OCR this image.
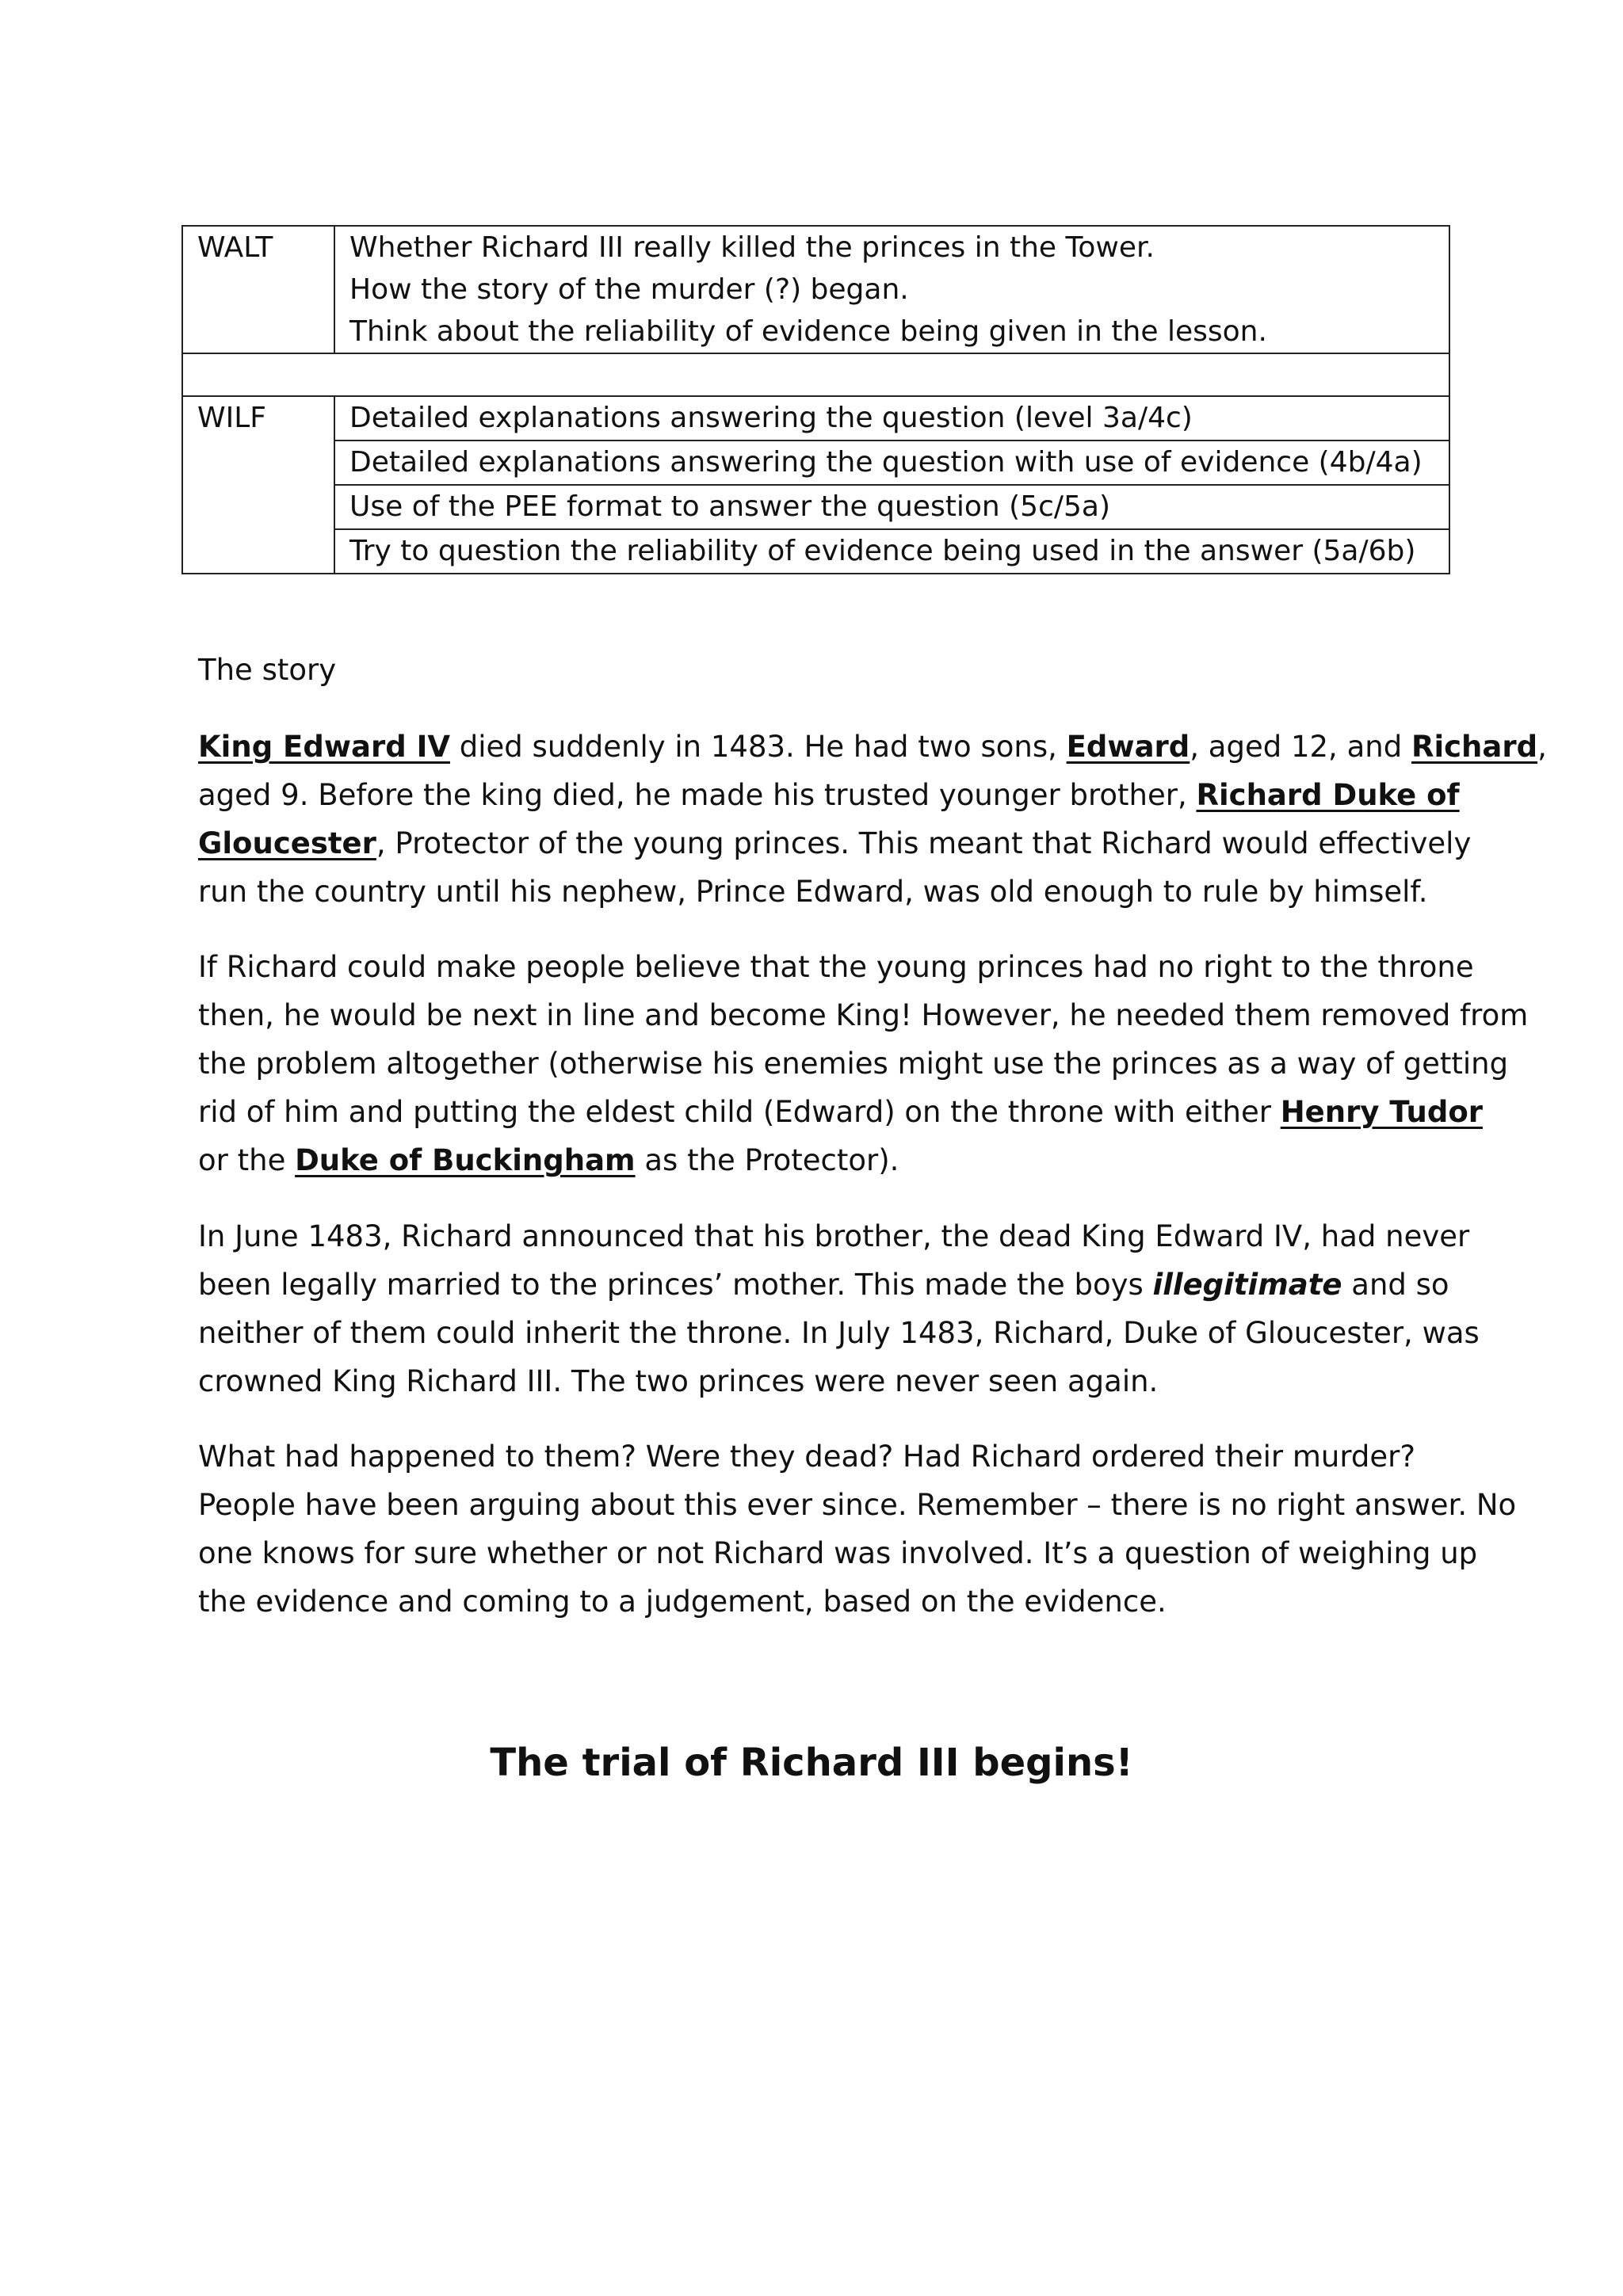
WALT	Whether Richard III really killed the princes in the Tower.
How the story of the murder (?) began.
Think about the reliability of evidence being given in the lesson.

WILF	Detailed explanations answering the question (level 3a/4c)
	Detailed explanations answering the question with use of evidence (4b/4a)
	Use of the PEE format to answer the question (5c/5a)
	Try to question the reliability of evidence being used in the answer (5a/6b)
The story
King Edward IV died suddenly in 1483. He had two sons, Edward, aged 12, and Richard,
aged 9. Before the king died, he made his trusted younger brother, Richard Duke of
Gloucester, Protector of the young princes. This meant that Richard would effectively
run the country until his nephew, Prince Edward, was old enough to rule by himself.
If Richard could make people believe that the young princes had no right to the throne
then, he would be next in line and become King! However, he needed them removed from
the problem altogether (otherwise his enemies might use the princes as a way of getting
rid of him and putting the eldest child (Edward) on the throne with either Henry Tudor
or the Duke of Buckingham as the Protector).
In June 1483, Richard announced that his brother, the dead King Edward IV, had never
been legally married to the princes’ mother. This made the boys illegitimate and so
neither of them could inherit the throne. In July 1483, Richard, Duke of Gloucester, was
crowned King Richard III. The two princes were never seen again.
What had happened to them? Were they dead? Had Richard ordered their murder?
People have been arguing about this ever since. Remember – there is no right answer. No
one knows for sure whether or not Richard was involved. It’s a question of weighing up
the evidence and coming to a judgement, based on the evidence.
The trial of Richard III begins!
